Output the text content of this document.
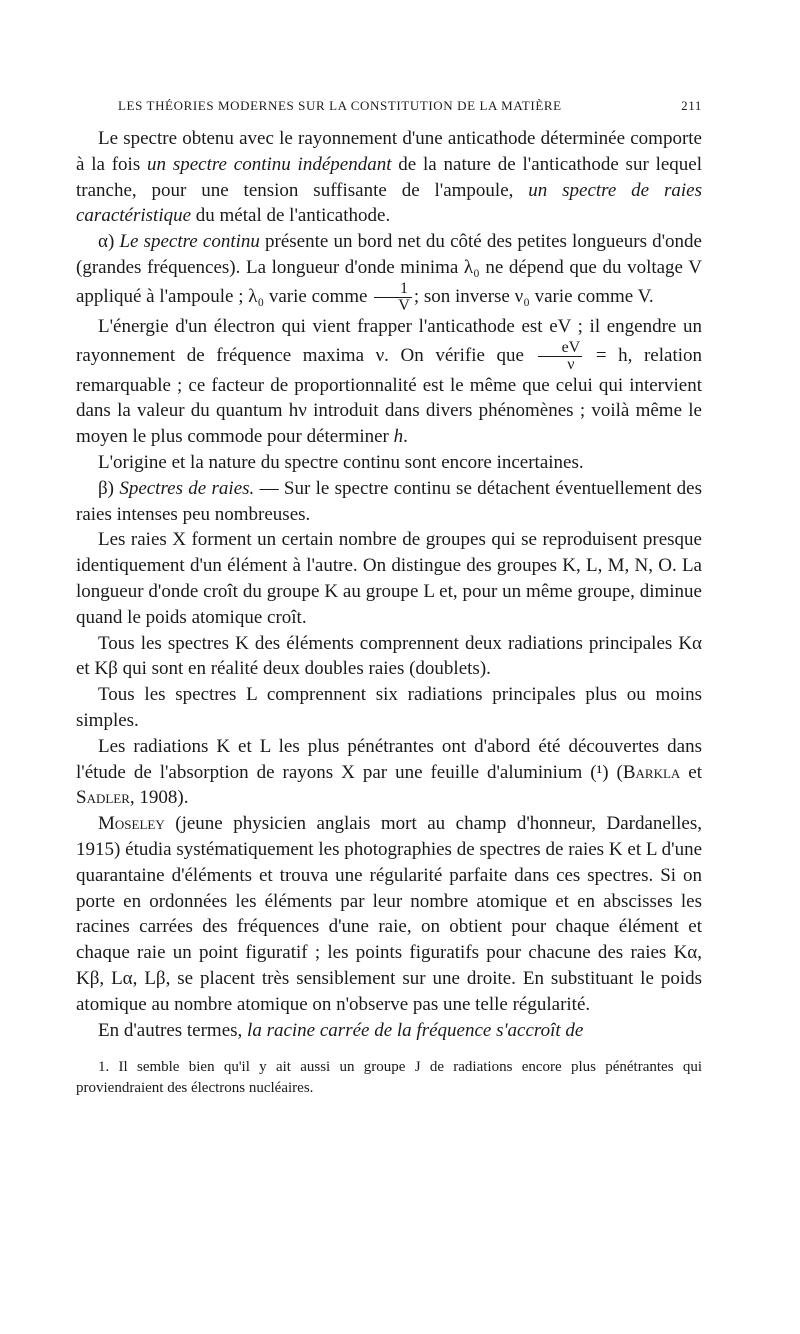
LES THÉORIES MODERNES SUR LA CONSTITUTION DE LA MATIÈRE	211

Le spectre obtenu avec le rayonnement d'une anticathode déterminée comporte à la fois un spectre continu indépendant de la nature de l'anticathode sur lequel tranche, pour une tension suffisante de l'ampoule, un spectre de raies caractéristique du métal de l'anticathode.

α) Le spectre continu présente un bord net du côté des petites longueurs d'onde (grandes fréquences). La longueur d'onde minima λ₀ ne dépend que du voltage V appliqué à l'ampoule ; λ₀ varie comme $\frac{1}{V}$ ; son inverse ν₀ varie comme V.

L'énergie d'un électron qui vient frapper l'anticathode est eV ; il engendre un rayonnement de fréquence maxima ν. On vérifie que $\frac{eV}{\nu} = h$, relation remarquable ; ce facteur de proportionnalité est le même que celui qui intervient dans la valeur du quantum hν introduit dans divers phénomènes ; voilà même le moyen le plus commode pour déterminer h.

L'origine et la nature du spectre continu sont encore incertaines.

β) Spectres de raies. — Sur le spectre continu se détachent éventuellement des raies intenses peu nombreuses.

Les raies X forment un certain nombre de groupes qui se reproduisent presque identiquement d'un élément à l'autre. On distingue des groupes K, L, M, N, O. La longueur d'onde croît du groupe K au groupe L et, pour un même groupe, diminue quand le poids atomique croît.

Tous les spectres K des éléments comprennent deux radiations principales Kα et Kβ qui sont en réalité deux doubles raies (doublets).

Tous les spectres L comprennent six radiations principales plus ou moins simples.

Les radiations K et L les plus pénétrantes ont d'abord été découvertes dans l'étude de l'absorption de rayons X par une feuille d'aluminium (¹) (Barkla et Sadler, 1908).

Moseley (jeune physicien anglais mort au champ d'honneur, Dardanelles, 1915) étudia systématiquement les photographies de spectres de raies K et L d'une quarantaine d'éléments et trouva une régularité parfaite dans ces spectres. Si on porte en ordonnées les éléments par leur nombre atomique et en abscisses les racines carrées des fréquences d'une raie, on obtient pour chaque élément et chaque raie un point figuratif ; les points figuratifs pour chacune des raies Kα, Kβ, Lα, Lβ, se placent très sensiblement sur une droite. En substituant le poids atomique au nombre atomique on n'observe pas une telle régularité.

En d'autres termes, la racine carrée de la fréquence s'accroît de

1. Il semble bien qu'il y ait aussi un groupe J de radiations encore plus pénétrantes qui proviendraient des électrons nucléaires.
